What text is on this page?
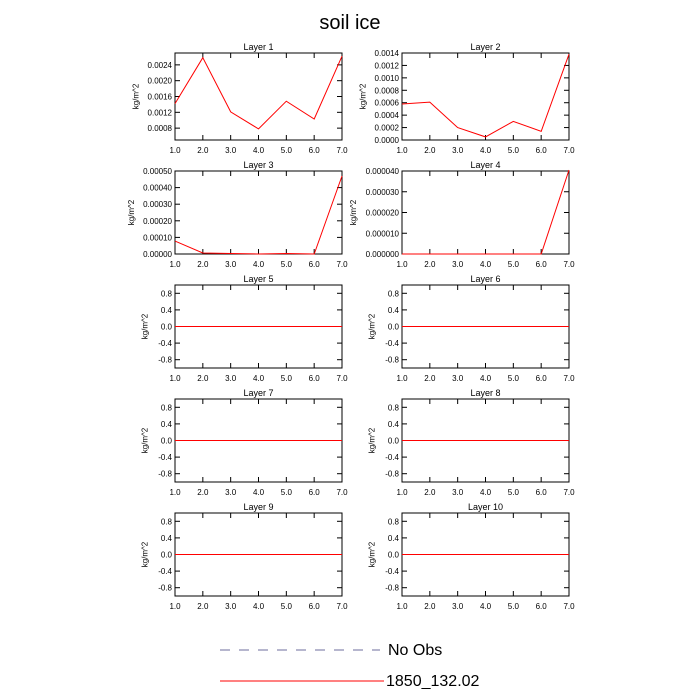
soil ice
Layer 1
1.0 2.0 3.0 4.0 5.0 6.0 7.0
0.0008
0.0012
0.0016
0.0020
0.0024
kg/m^2
Layer 2
1.0 2.0 3.0 4.0 5.0 6.0 7.0
0.0000
0.0002
0.0004
0.0006
0.0008
0.0010
0.0012
0.0014
kg/m^2
Layer 3
1.0 2.0 3.0 4.0 5.0 6.0 7.0
0.00000
0.00010
0.00020
0.00030
0.00040
0.00050
kg/m^2
Layer 4
1.0 2.0 3.0 4.0 5.0 6.0 7.0
0.000000
0.000010
0.000020
0.000030
0.000040
kg/m^2
Layer 5
1.0 2.0 3.0 4.0 5.0 6.0 7.0
-0.8
-0.4
0.0
0.4
0.8
kg/m^2
Layer 6
1.0 2.0 3.0 4.0 5.0 6.0 7.0
-0.8
-0.4
0.0
0.4
0.8
kg/m^2
Layer 7
1.0 2.0 3.0 4.0 5.0 6.0 7.0
-0.8
-0.4
0.0
0.4
0.8
kg/m^2
Layer 8
1.0 2.0 3.0 4.0 5.0 6.0 7.0
-0.8
-0.4
0.0
0.4
0.8
kg/m^2
Layer 9
1.0 2.0 3.0 4.0 5.0 6.0 7.0
-0.8
-0.4
0.0
0.4
0.8
kg/m^2
Layer 10
1.0 2.0 3.0 4.0 5.0 6.0 7.0
-0.8
-0.4
0.0
0.4
0.8
kg/m^2
No Obs
1850_132.02
